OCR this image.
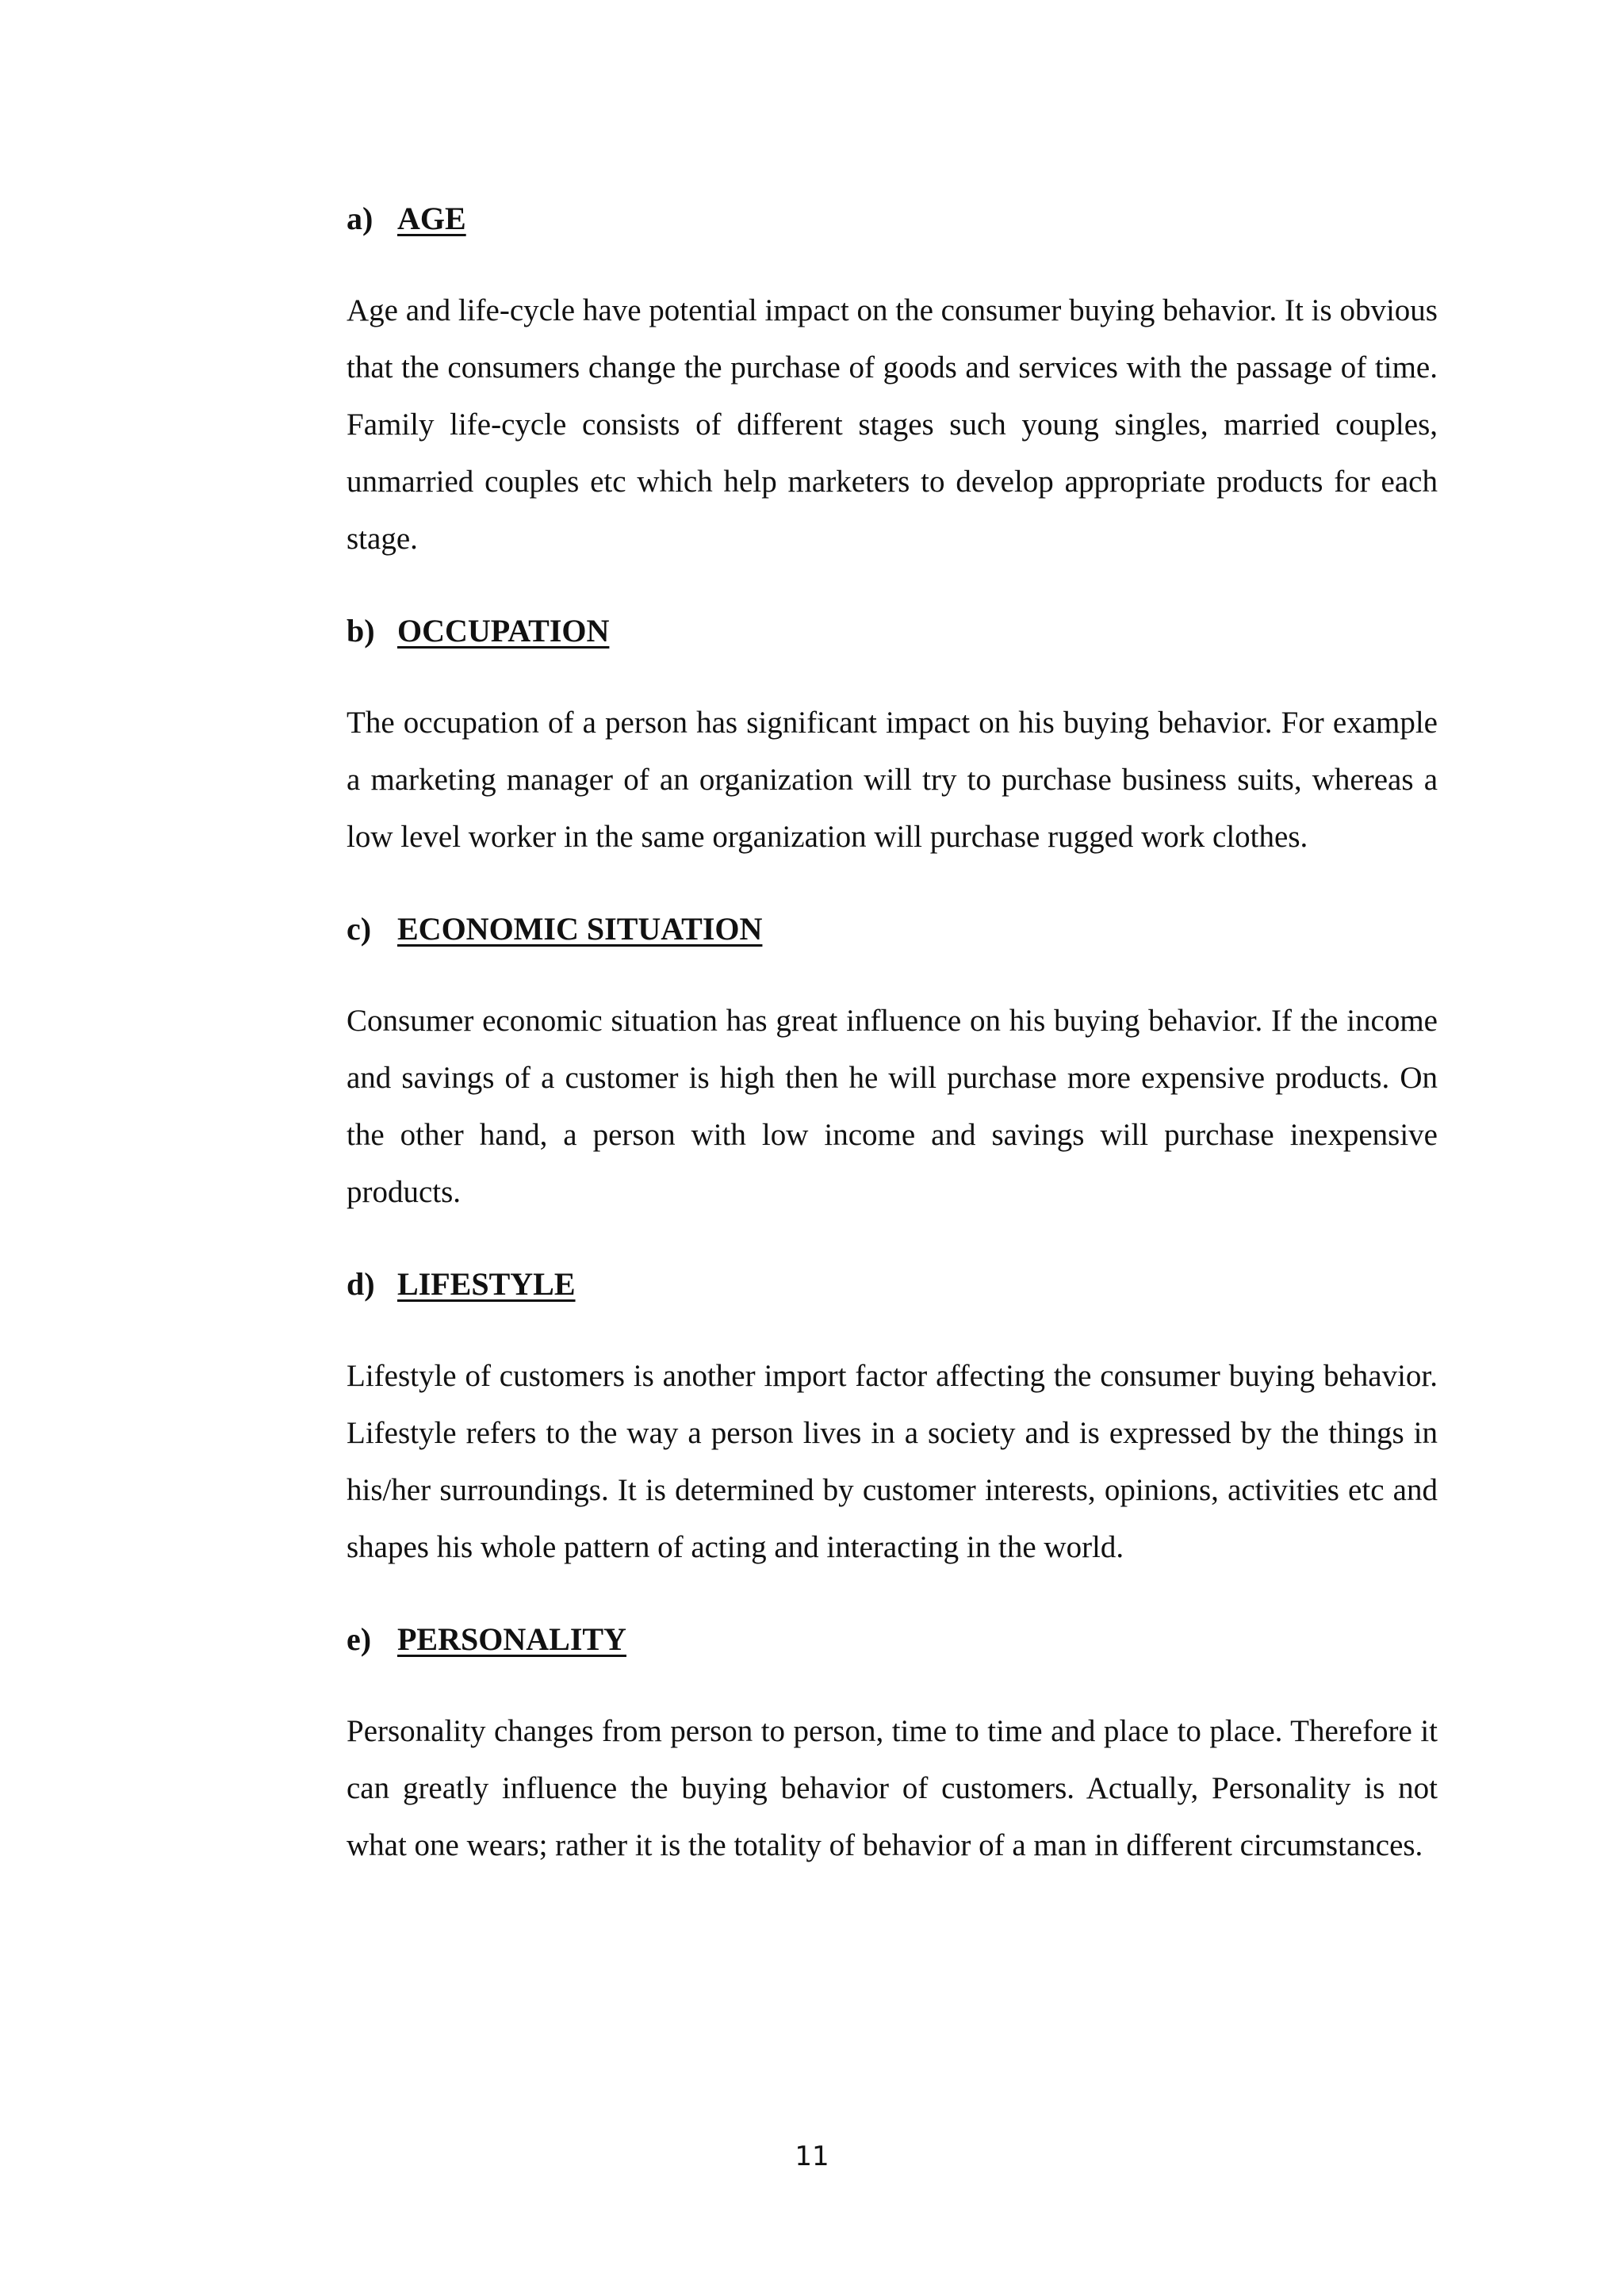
a) AGE

Age and life-cycle have potential impact on the consumer buying behavior. It is obvious that the consumers change the purchase of goods and services with the passage of time. Family life-cycle consists of different stages such young singles, married couples, unmarried couples etc which help marketers to develop appropriate products for each stage.

b) OCCUPATION

The occupation of a person has significant impact on his buying behavior. For example a marketing manager of an organization will try to purchase business suits, whereas a low level worker in the same organization will purchase rugged work clothes.

c) ECONOMIC SITUATION

Consumer economic situation has great influence on his buying behavior. If the income and savings of a customer is high then he will purchase more expensive products. On the other hand, a person with low income and savings will purchase inexpensive products.

d) LIFESTYLE

Lifestyle of customers is another import factor affecting the consumer buying behavior. Lifestyle refers to the way a person lives in a society and is expressed by the things in his/her surroundings. It is determined by customer interests, opinions, activities etc and shapes his whole pattern of acting and interacting in the world.

e) PERSONALITY

Personality changes from person to person, time to time and place to place. Therefore it can greatly influence the buying behavior of customers. Actually, Personality is not what one wears; rather it is the totality of behavior of a man in different circumstances.

11
